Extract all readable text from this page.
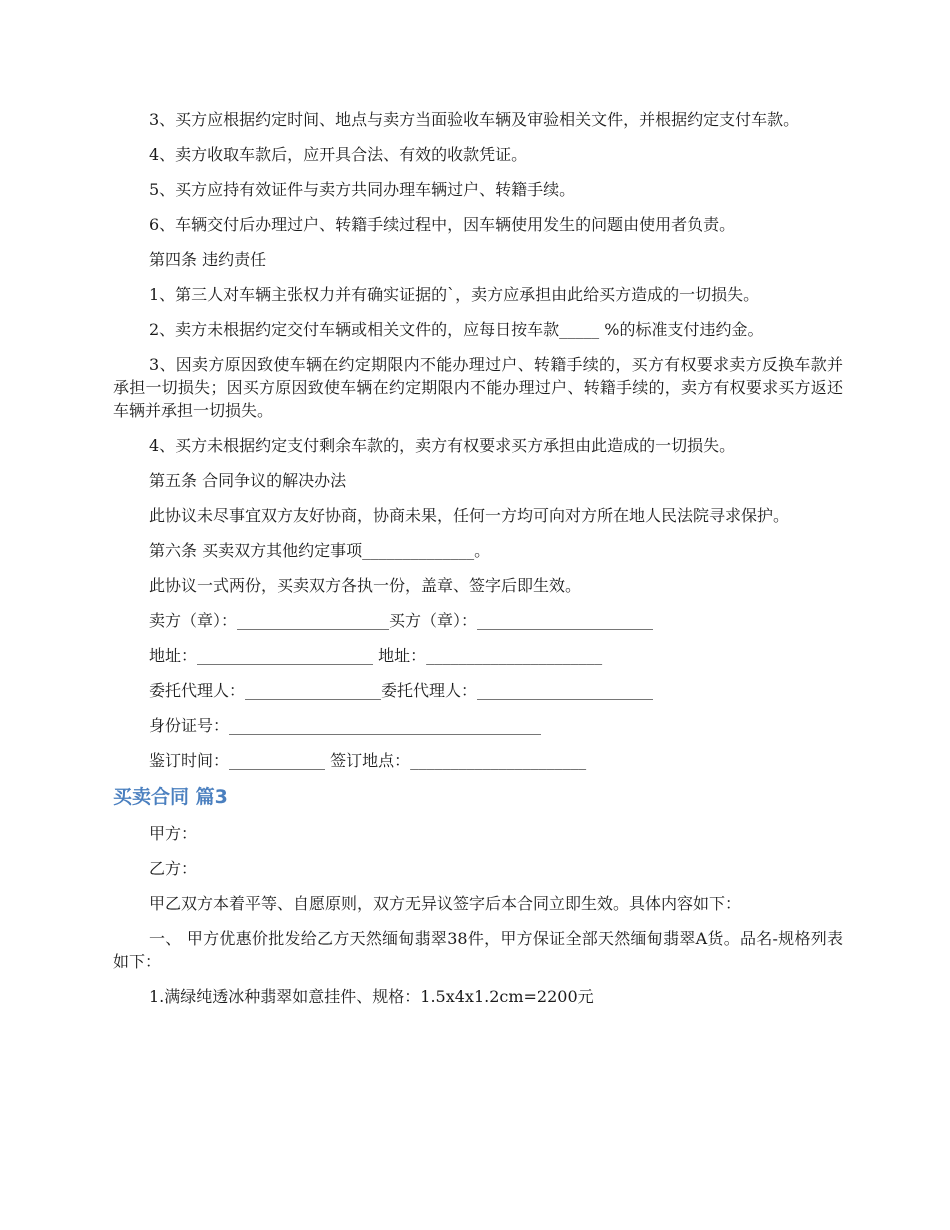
3、买方应根据约定时间、地点与卖方当面验收车辆及审验相关文件，并根据约定支付车款。

4、卖方收取车款后，应开具合法、有效的收款凭证。

5、买方应持有效证件与卖方共同办理车辆过户、转籍手续。

6、车辆交付后办理过户、转籍手续过程中，因车辆使用发生的问题由使用者负责。

第四条 违约责任

1、第三人对车辆主张权力并有确实证据的`，卖方应承担由此给买方造成的一切损失。

2、卖方未根据约定交付车辆或相关文件的，应每日按车款_____ %的标准支付违约金。

3、因卖方原因致使车辆在约定期限内不能办理过户、转籍手续的，买方有权要求卖方反换车款并承担一切损失；因买方原因致使车辆在约定期限内不能办理过户、转籍手续的，卖方有权要求买方返还车辆并承担一切损失。

4、买方未根据约定支付剩余车款的，卖方有权要求买方承担由此造成的一切损失。

第五条 合同争议的解决办法

此协议未尽事宜双方友好协商，协商未果，任何一方均可向对方所在地人民法院寻求保护。

第六条 买卖双方其他约定事项______________。

此协议一式两份，买卖双方各执一份，盖章、签字后即生效。

卖方（章）：___________________买方（章）：______________________

地址：______________________ 地址：______________________

委托代理人：_________________委托代理人：______________________

身份证号：_______________________________________

鉴订时间：____________ 签订地点：______________________

买卖合同 篇3

甲方：

乙方：

甲乙双方本着平等、自愿原则，双方无异议签字后本合同立即生效。具体内容如下：

一、 甲方优惠价批发给乙方天然缅甸翡翠38件，甲方保证全部天然缅甸翡翠A货。品名-规格列表如下：

1.满绿纯透冰种翡翠如意挂件、规格：1.5x4x1.2cm=2200元
